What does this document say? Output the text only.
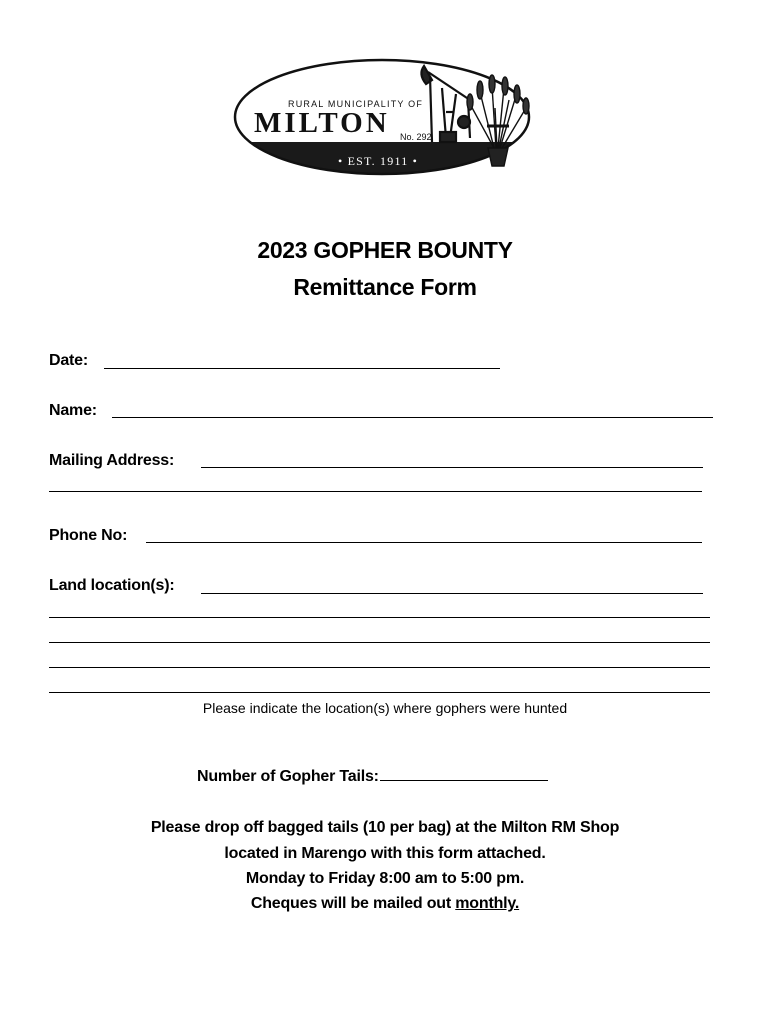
RURAL MUNICIPALITY OF
MILTON No. 292
• EST. 1911 •
2023 GOPHER BOUNTY
Remittance Form
Date:
Name:
Mailing Address:
Phone No:
Land location(s):
Please indicate the location(s) where gophers were hunted
Number of Gopher Tails:
Please drop off bagged tails (10 per bag) at the Milton RM Shop
located in Marengo with this form attached.
Monday to Friday 8:00 am to 5:00 pm.
Cheques will be mailed out monthly.
